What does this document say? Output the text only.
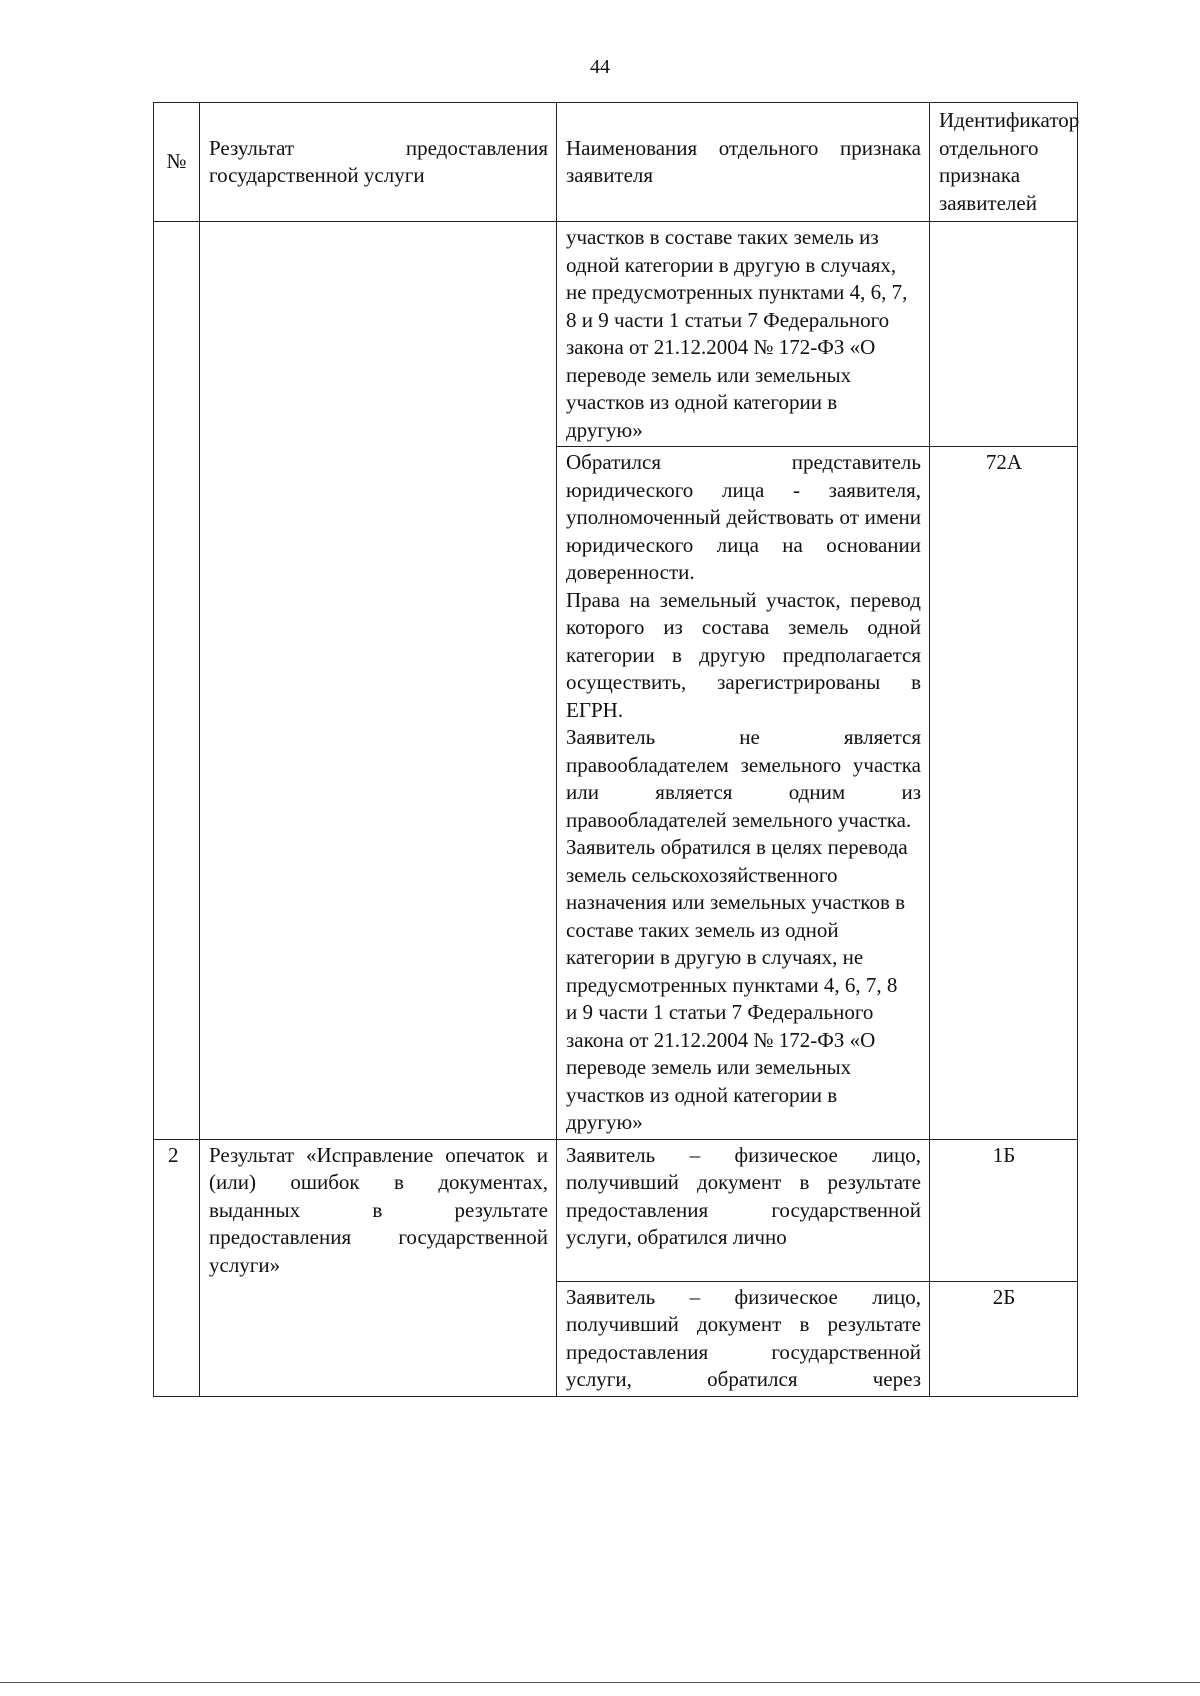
44
№	Результат предоставления государственной услуги	Наименования отдельного признака заявителя	Идентификатор отдельного признака заявителей

		участков в составе таких земель из одной категории в другую в случаях, не предусмотренных пунктами 4, 6, 7, 8 и 9 части 1 статьи 7 Федерального закона от 21.12.2004 № 172-ФЗ «О переводе земель или земельных участков из одной категории в другую»	

		Обратился представитель юридического лица - заявителя, уполномоченный действовать от имени юридического лица на основании доверенности.
Права на земельный участок, перевод которого из состава земель одной категории в другую предполагается осуществить, зарегистрированы в ЕГРН.
Заявитель не является правообладателем земельного участка или является одним из правообладателей земельного участка.
Заявитель обратился в целях перевода земель сельскохозяйственного назначения или земельных участков в составе таких земель из одной категории в другую в случаях, не предусмотренных пунктами 4, 6, 7, 8 и 9 части 1 статьи 7 Федерального закона от 21.12.2004 № 172-ФЗ «О переводе земель или земельных участков из одной категории в другую»	72А
2	Результат «Исправление опечаток и (или) ошибок в документах, выданных в результате предоставления государственной услуги»	Заявитель – физическое лицо, получивший документ в результате предоставления государственной услуги, обратился лично	1Б

		Заявитель – физическое лицо, получивший документ в результате предоставления государственной услуги, обратился через	2Б
